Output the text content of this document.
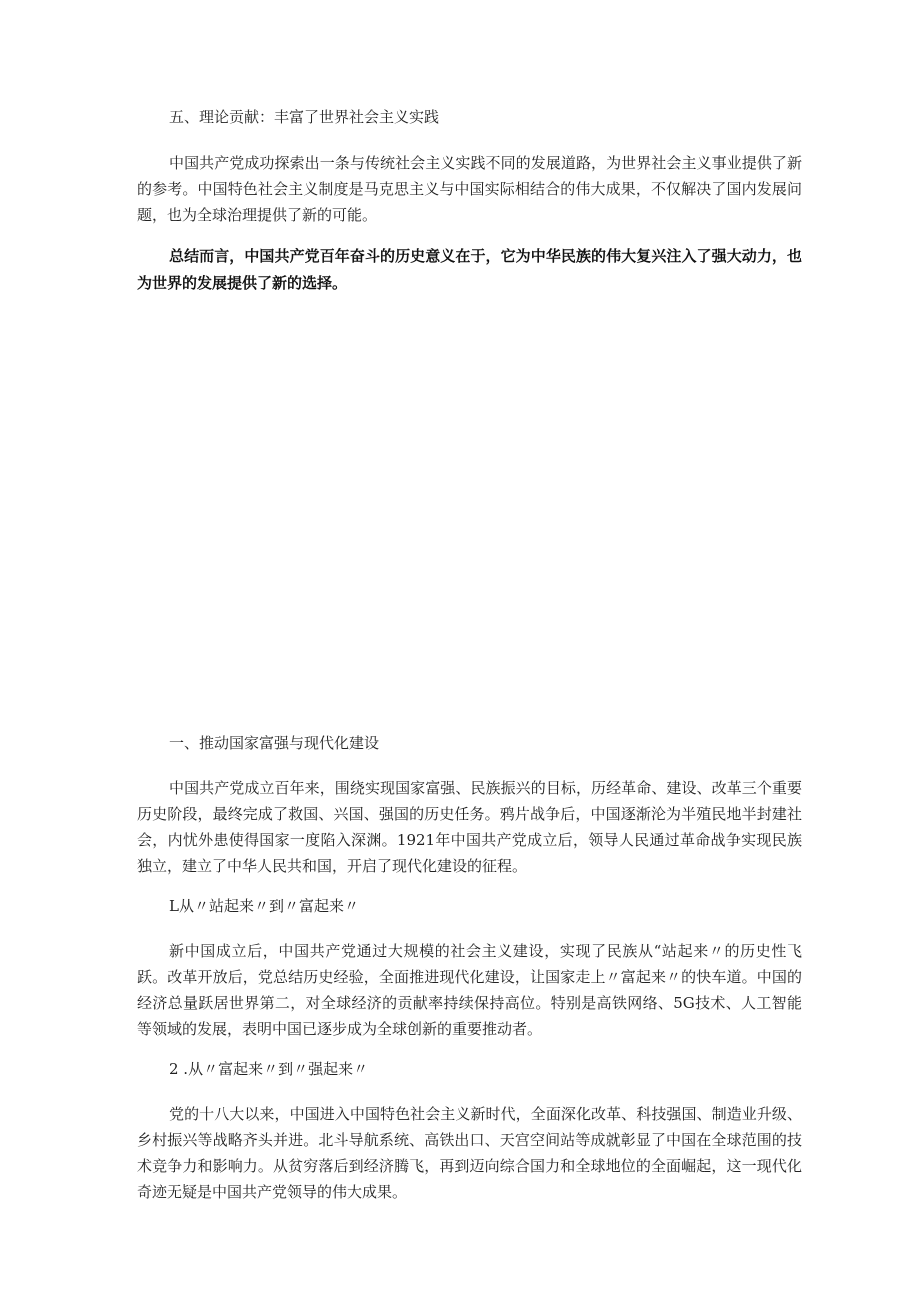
五、理论贡献：丰富了世界社会主义实践

中国共产党成功探索出一条与传统社会主义实践不同的发展道路，为世界社会主义事业提供了新的参考。中国特色社会主义制度是马克思主义与中国实际相结合的伟大成果，不仅解决了国内发展问题，也为全球治理提供了新的可能。

总结而言，中国共产党百年奋斗的历史意义在于，它为中华民族的伟大复兴注入了强大动力，也为世界的发展提供了新的选择。

一、推动国家富强与现代化建设

中国共产党成立百年来，围绕实现国家富强、民族振兴的目标，历经革命、建设、改革三个重要历史阶段，最终完成了救国、兴国、强国的历史任务。鸦片战争后，中国逐渐沦为半殖民地半封建社会，内忧外患使得国家一度陷入深渊。1921年中国共产党成立后，领导人民通过革命战争实现民族独立，建立了中华人民共和国，开启了现代化建设的征程。

L从〃站起来〃到〃富起来〃

新中国成立后，中国共产党通过大规模的社会主义建设，实现了民族从“站起来〃的历史性飞跃。改革开放后，党总结历史经验，全面推进现代化建设，让国家走上〃富起来〃的快车道。中国的经济总量跃居世界第二，对全球经济的贡献率持续保持高位。特别是高铁网络、5G技术、人工智能等领域的发展，表明中国已逐步成为全球创新的重要推动者。

2 .从〃富起来〃到〃强起来〃

党的十八大以来，中国进入中国特色社会主义新时代，全面深化改革、科技强国、制造业升级、乡村振兴等战略齐头并进。北斗导航系统、高铁出口、天宫空间站等成就彰显了中国在全球范围的技术竞争力和影响力。从贫穷落后到经济腾飞，再到迈向综合国力和全球地位的全面崛起，这一现代化奇迹无疑是中国共产党领导的伟大成果。
